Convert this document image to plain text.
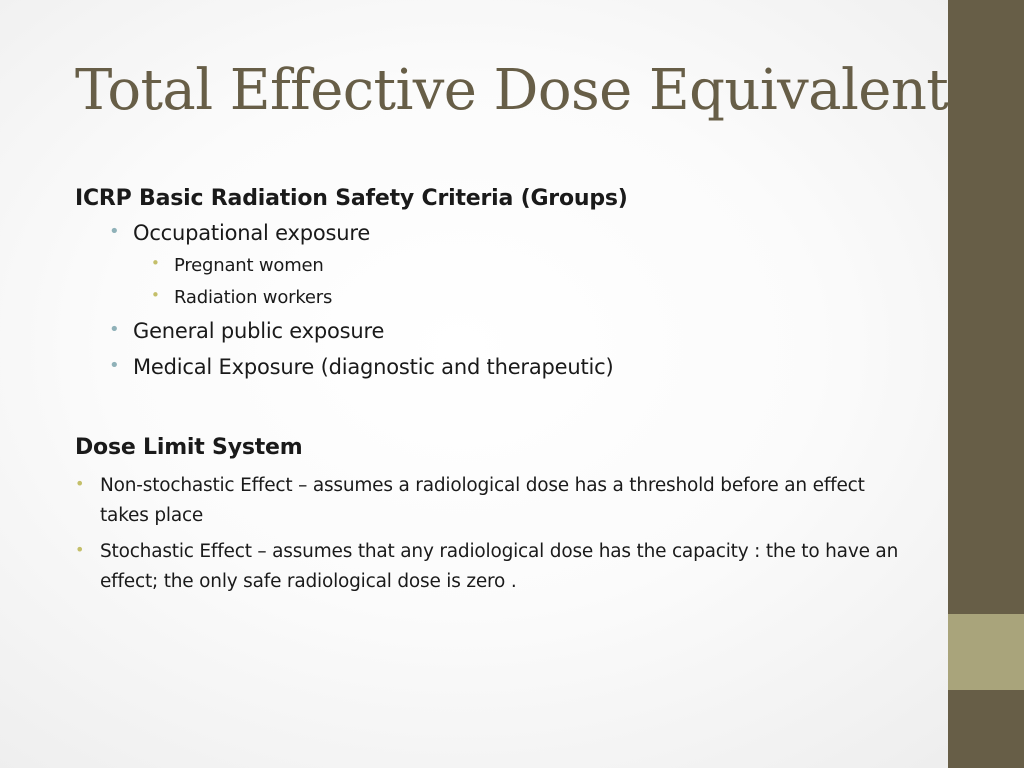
Total Effective Dose Equivalent
ICRP Basic Radiation Safety Criteria (Groups)
• Occupational exposure
• Pregnant women
• Radiation workers
• General public exposure
• Medical Exposure (diagnostic and therapeutic)
Dose Limit System
• Non-stochastic Effect – assumes a radiological dose has a threshold before an effect takes place
• Stochastic Effect – assumes that any radiological dose has the capacity : the to have an effect; the only safe radiological dose is zero .
